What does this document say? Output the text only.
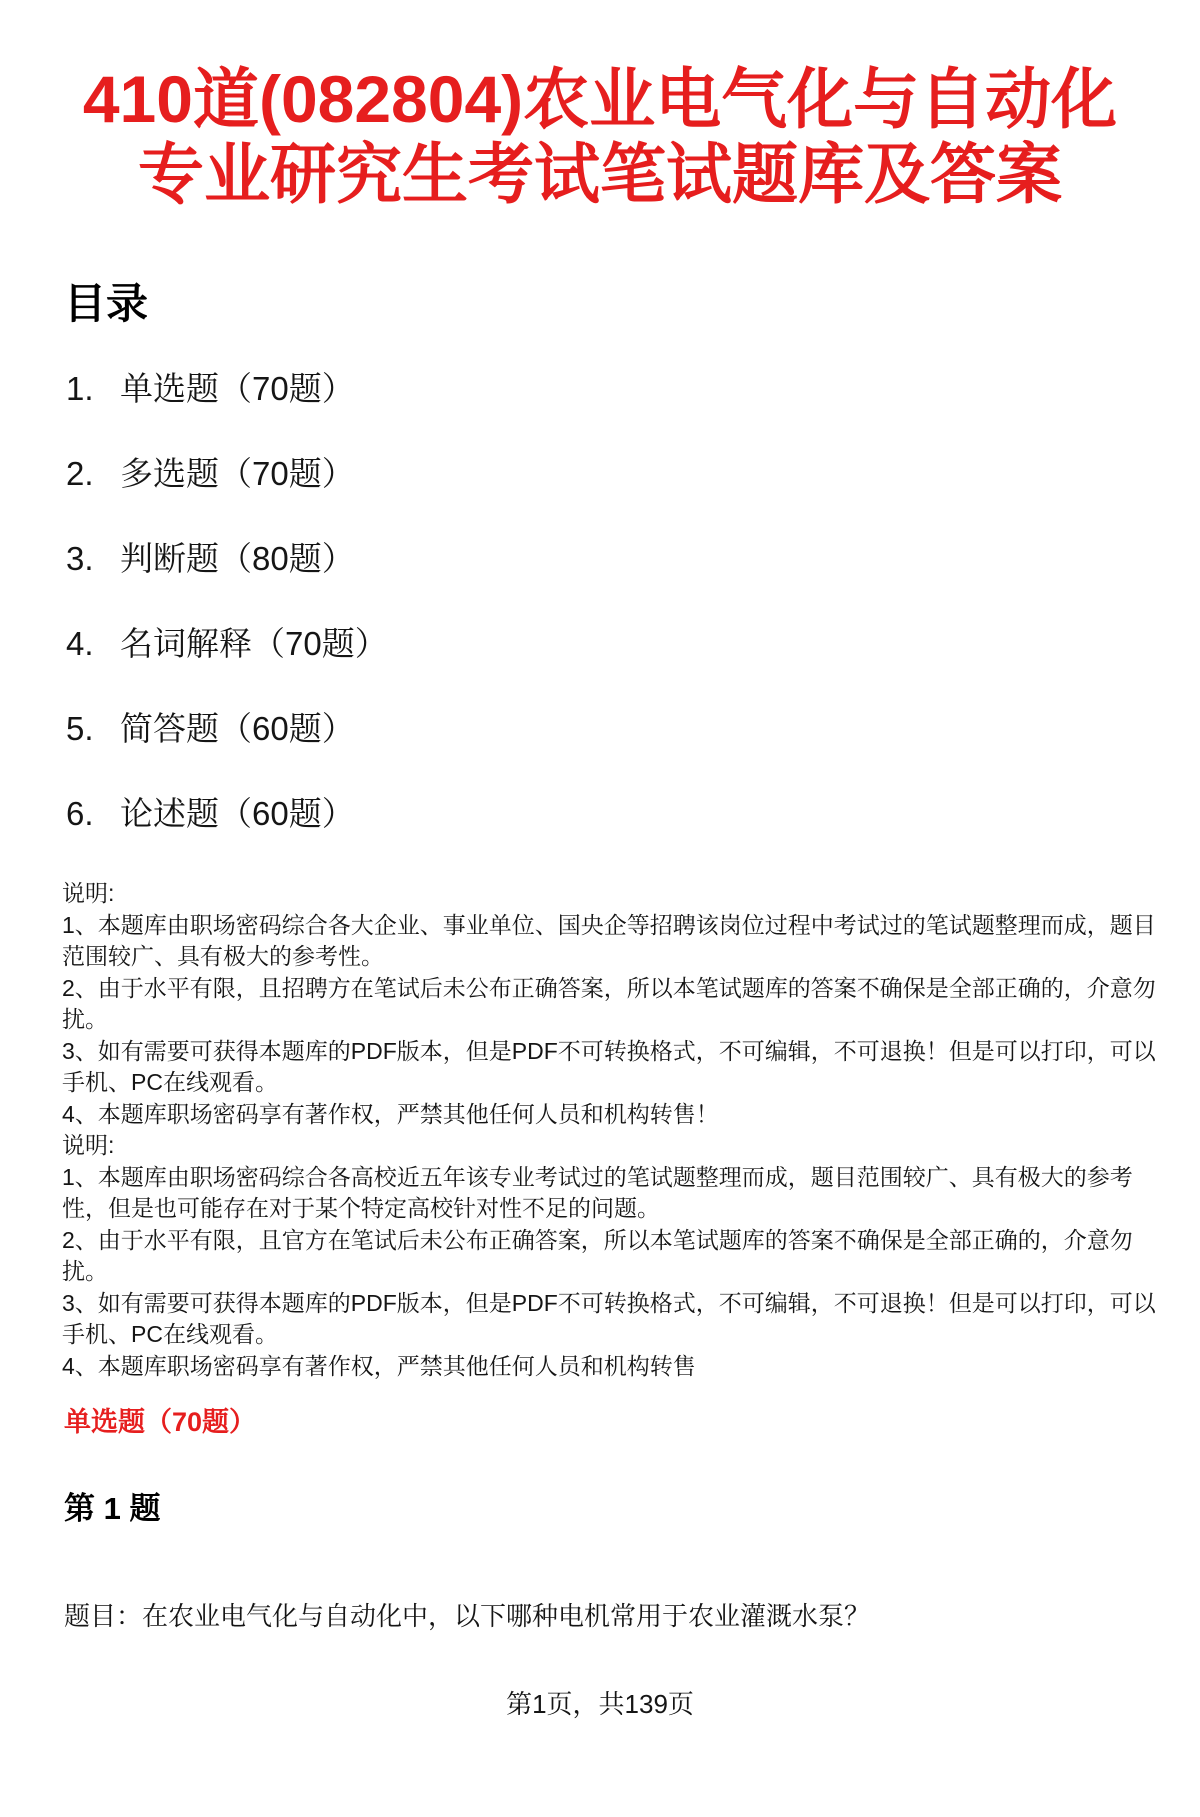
410道(082804)农业电气化与自动化专业研究生考试笔试题库及答案
目录
1. 单选题（70题）
2. 多选题（70题）
3. 判断题（80题）
4. 名词解释（70题）
5. 简答题（60题）
6. 论述题（60题）

说明:

1、本题库由职场密码综合各大企业、事业单位、国央企等招聘该岗位过程中考试过的笔试题整理而成，题目范围较广、具有极大的参考性。

2、由于水平有限，且招聘方在笔试后未公布正确答案，所以本笔试题库的答案不确保是全部正确的，介意勿扰。

3、如有需要可获得本题库的PDF版本，但是PDF不可转换格式，不可编辑，不可退换！但是可以打印，可以手机、PC在线观看。

4、本题库职场密码享有著作权，严禁其他任何人员和机构转售！

说明:

1、本题库由职场密码综合各高校近五年该专业考试过的笔试题整理而成，题目范围较广、具有极大的参考性，但是也可能存在对于某个特定高校针对性不足的问题。

2、由于水平有限，且官方在笔试后未公布正确答案，所以本笔试题库的答案不确保是全部正确的，介意勿扰。

3、如有需要可获得本题库的PDF版本，但是PDF不可转换格式，不可编辑，不可退换！但是可以打印，可以手机、PC在线观看。

4、本题库职场密码享有著作权，严禁其他任何人员和机构转售

单选题（70题）
第 1 题

题目：在农业电气化与自动化中，以下哪种电机常用于农业灌溉水泵？

第1页，共139页
